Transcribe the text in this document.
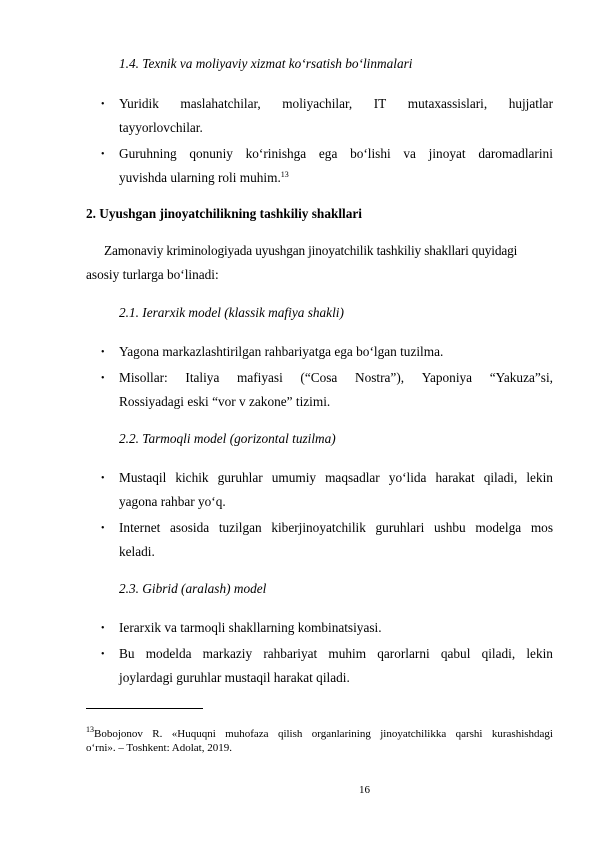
1.4. Texnik va moliyaviy xizmat ko‘rsatish bo‘linmalari
• Yuridik maslahatchilar, moliyachilar, IT mutaxassislari, hujjatlar
tayyorlovchilar.
• Guruhning qonuniy ko‘rinishga ega bo‘lishi va jinoyat daromadlarini
yuvishda ularning roli muhim.$^{13}$
2. Uyushgan jinoyatchilikning tashkiliy shakllari
Zamonaviy kriminologiyada uyushgan jinoyatchilik tashkiliy shakllari quyidagi
asosiy turlarga bo‘linadi:
2.1. Ierarxik model (klassik mafiya shakli)
• Yagona markazlashtirilgan rahbariyatga ega bo‘lgan tuzilma.
• Misollar: Italiya mafiyasi (“Cosa Nostra”), Yaponiya “Yakuza”si,
Rossiyadagi eski “vor v zakone” tizimi.
2.2. Tarmoqli model (gorizontal tuzilma)
• Mustaqil kichik guruhlar umumiy maqsadlar yo‘lida harakat qiladi, lekin
yagona rahbar yo‘q.
• Internet asosida tuzilgan kiberjinoyatchilik guruhlari ushbu modelga mos
keladi.
2.3. Gibrid (aralash) model
• Ierarxik va tarmoqli shakllarning kombinatsiyasi.
• Bu modelda markaziy rahbariyat muhim qarorlarni qabul qiladi, lekin
joylardagi guruhlar mustaqil harakat qiladi.
$^{13}$Bobojonov R. «Huquqni muhofaza qilish organlarining jinoyatchilikka qarshi kurashishdagi
o‘rni». – Toshkent: Adolat, 2019.
16
